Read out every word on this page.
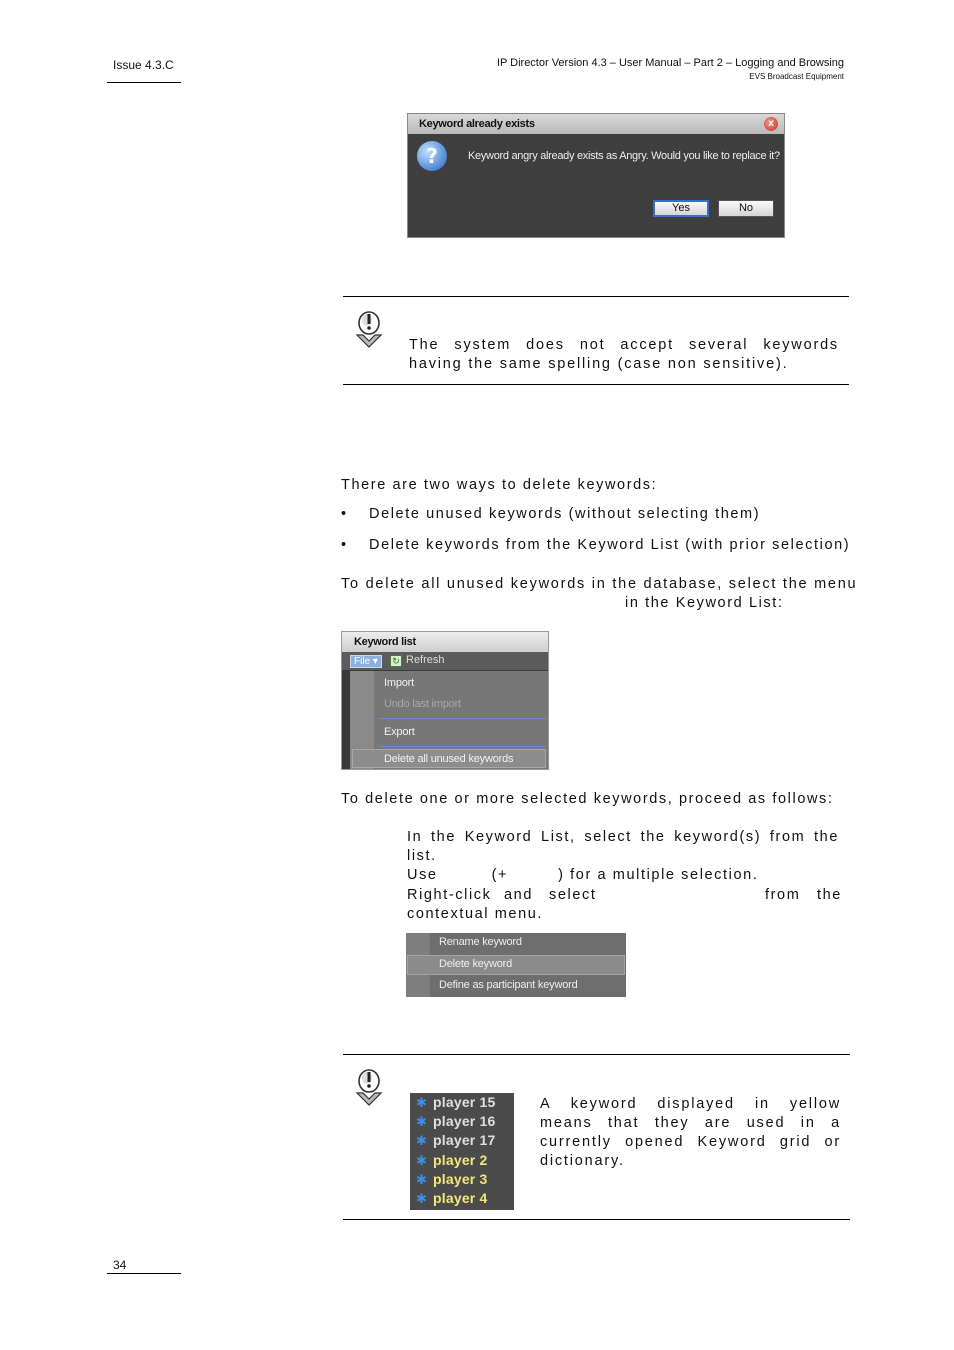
Issue 4.3.C	IP Director Version 4.3 – User Manual – Part 2 – Logging and Browsing
EVS Broadcast Equipment
Keyword already exists	x
?	Keyword angry already exists as Angry. Would you like to replace it?
Yes	No
The system does not accept several keywords having the same spelling (case non sensitive).
There are two ways to delete keywords:
• Delete unused keywords (without selecting them)
• Delete keywords from the Keyword List (with prior selection)
To delete all unused keywords in the database, select the menu
in the Keyword List:
Keyword list
File ▾	↻ Refresh
Import
Undo last import
Export
Delete all unused keywords
To delete one or more selected keywords, proceed as follows:
In the Keyword List, select the keyword(s) from the list.
Use	(+	) for a multiple selection.
Right-click and select	from the
contextual menu.
Rename keyword
Delete keyword
Define as participant keyword
✱ player 15
✱ player 16
✱ player 17
✱ player 2
✱ player 3
✱ player 4
A keyword displayed in yellow means that they are used in a currently opened Keyword grid or dictionary.
34
